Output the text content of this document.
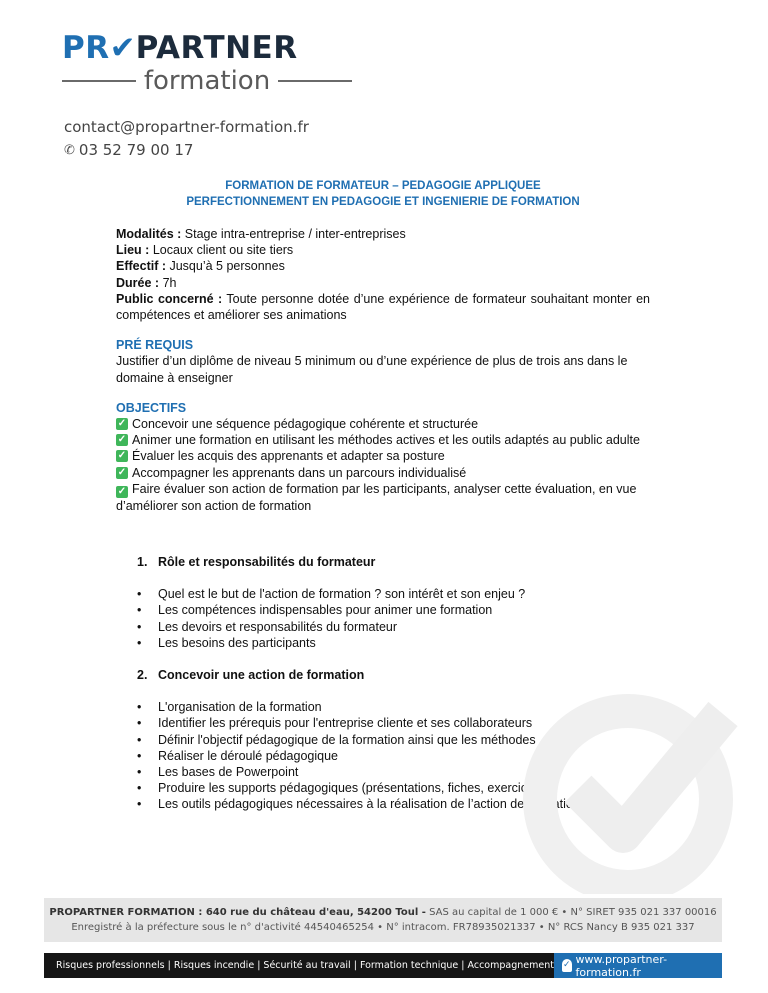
PR✔PARTNER
formation
contact@propartner-formation.fr
✆ 03 52 79 00 17
FORMATION DE FORMATEUR – PEDAGOGIE APPLIQUEE
PERFECTIONNEMENT EN PEDAGOGIE ET INGENIERIE DE FORMATION

Modalités : Stage intra-entreprise / inter-entreprises

Lieu : Locaux client ou site tiers

Effectif : Jusqu’à 5 personnes

Durée : 7h

Public concerné : Toute personne dotée d’une expérience de formateur souhaitant monter en compétences et améliorer ses animations

PRÉ REQUIS

Justifier d’un diplôme de niveau 5 minimum ou d’une expérience de plus de trois ans dans le domaine à enseigner

OBJECTIFS

✓ Concevoir une séquence pédagogique cohérente et structurée
✓ Animer une formation en utilisant les méthodes actives et les outils adaptés au public adulte
✓ Évaluer les acquis des apprenants et adapter sa posture
✓ Accompagner les apprenants dans un parcours individualisé
✓ Faire évaluer son action de formation par les participants, analyser cette évaluation, en vue d’améliorer son action de formation
1. Rôle et responsabilités du formateur
•	Quel est le but de l'action de formation ? son intérêt et son enjeu ?
•	Les compétences indispensables pour animer une formation
•	Les devoirs et responsabilités du formateur
•	Les besoins des participants
2. Concevoir une action de formation
•	L'organisation de la formation
•	Identifier les prérequis pour l'entreprise cliente et ses collaborateurs
•	Définir l'objectif pédagogique de la formation ainsi que les méthodes
•	Réaliser le déroulé pédagogique
•	Les bases de Powerpoint
•	Produire les supports pédagogiques (présentations, fiches, exercices)
•	Les outils pédagogiques nécessaires à la réalisation de l’action de formation
PROPARTNER FORMATION : 640 rue du château d'eau, 54200 Toul - SAS au capital de 1 000 € • N° SIRET 935 021 337 00016
Enregistré à la préfecture sous le n° d'activité 44540465254 • N° intracom. FR78935021337 • N° RCS Nancy B 935 021 337
Risques professionnels | Risques incendie | Sécurité au travail | Formation technique | Accompagnement ✓ www.propartner-formation.fr
